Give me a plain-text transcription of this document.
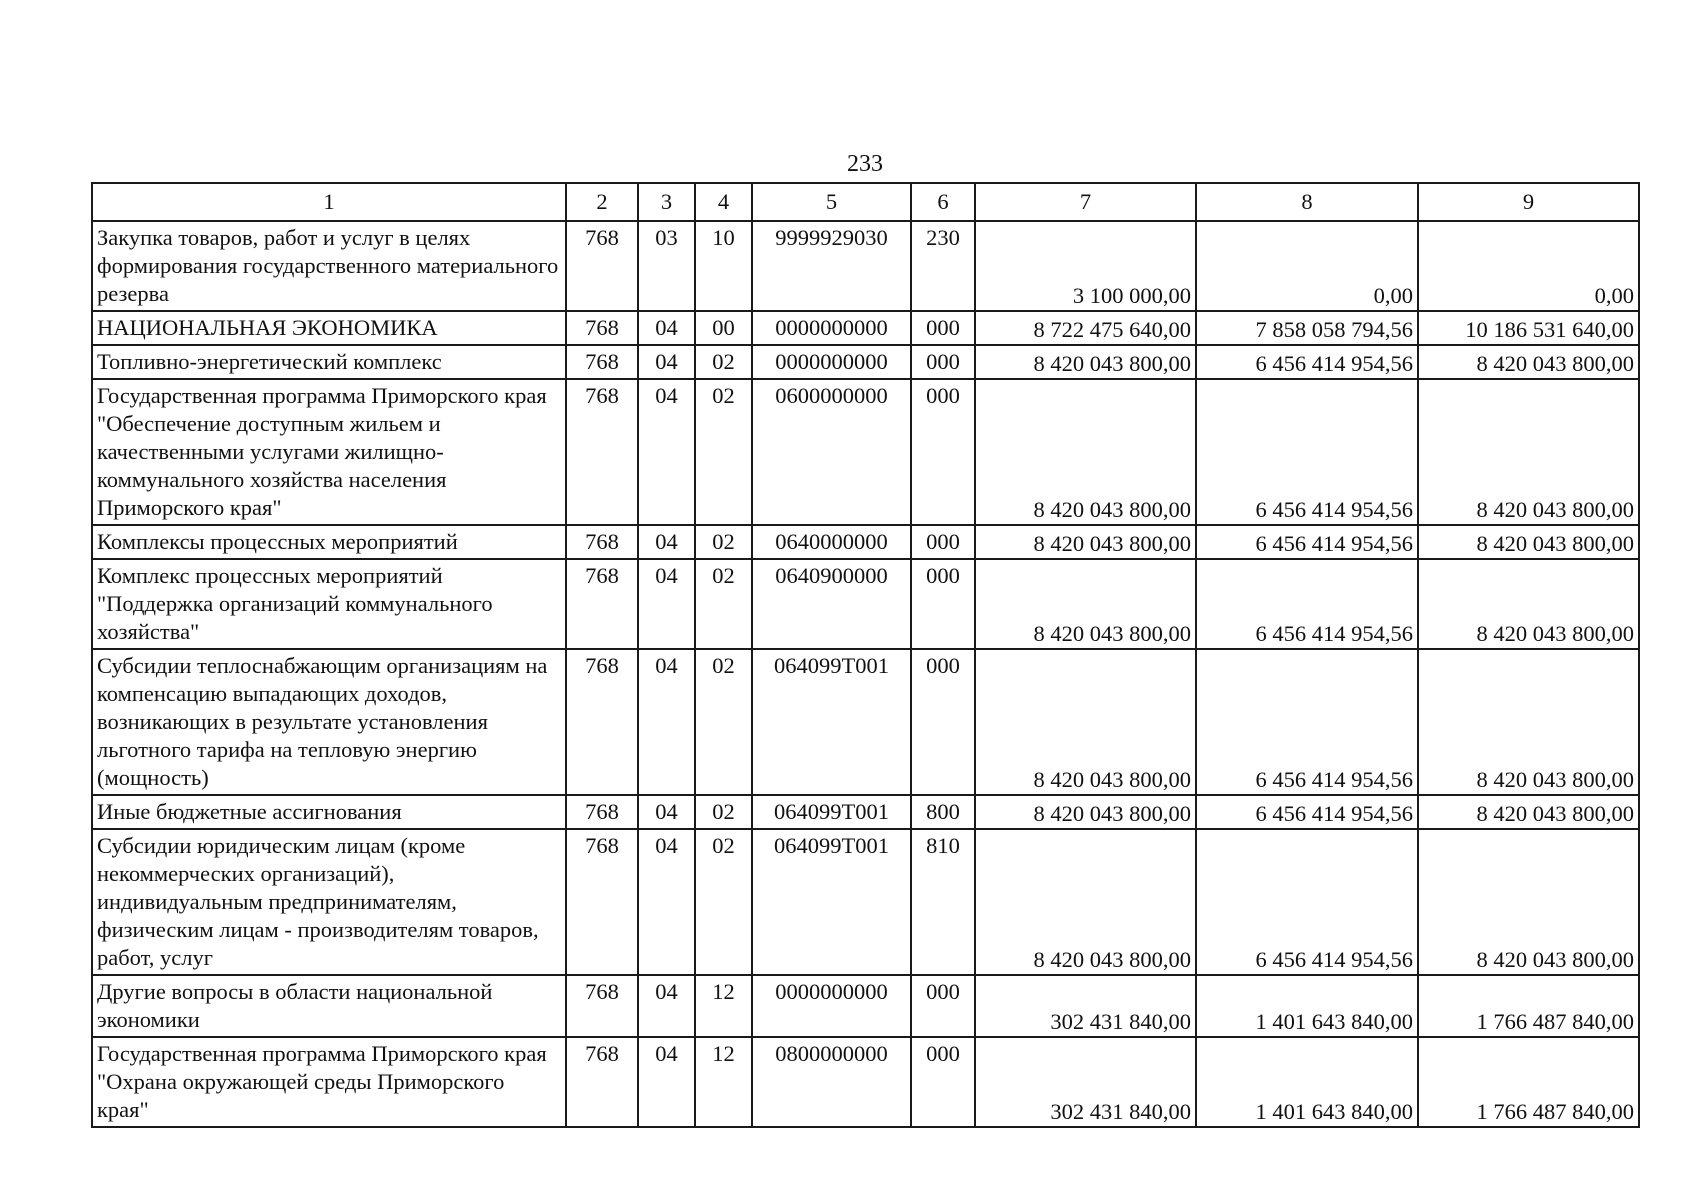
233
1	2	3	4	5	6	7	8	9
Закупка товаров, работ и услуг в целях формирования государственного материального резерва	768	03	10	9999929030	230	3 100 000,00	0,00	0,00
НАЦИОНАЛЬНАЯ ЭКОНОМИКА	768	04	00	0000000000	000	8 722 475 640,00	7 858 058 794,56	10 186 531 640,00
Топливно-энергетический комплекс	768	04	02	0000000000	000	8 420 043 800,00	6 456 414 954,56	8 420 043 800,00
Государственная программа Приморского края "Обеспечение доступным жильем и качественными услугами жилищно-коммунального хозяйства населения Приморского края"	768	04	02	0600000000	000	8 420 043 800,00	6 456 414 954,56	8 420 043 800,00
Комплексы процессных мероприятий	768	04	02	0640000000	000	8 420 043 800,00	6 456 414 954,56	8 420 043 800,00
Комплекс процессных мероприятий "Поддержка организаций коммунального хозяйства"	768	04	02	0640900000	000	8 420 043 800,00	6 456 414 954,56	8 420 043 800,00
Субсидии теплоснабжающим организациям на компенсацию выпадающих доходов, возникающих в результате установления льготного тарифа на тепловую энергию (мощность)	768	04	02	064099Т001	000	8 420 043 800,00	6 456 414 954,56	8 420 043 800,00
Иные бюджетные ассигнования	768	04	02	064099Т001	800	8 420 043 800,00	6 456 414 954,56	8 420 043 800,00
Субсидии юридическим лицам (кроме некоммерческих организаций), индивидуальным предпринимателям, физическим лицам - производителям товаров, работ, услуг	768	04	02	064099Т001	810	8 420 043 800,00	6 456 414 954,56	8 420 043 800,00
Другие вопросы в области национальной экономики	768	04	12	0000000000	000	302 431 840,00	1 401 643 840,00	1 766 487 840,00
Государственная программа Приморского края "Охрана окружающей среды Приморского края"	768	04	12	0800000000	000	302 431 840,00	1 401 643 840,00	1 766 487 840,00
